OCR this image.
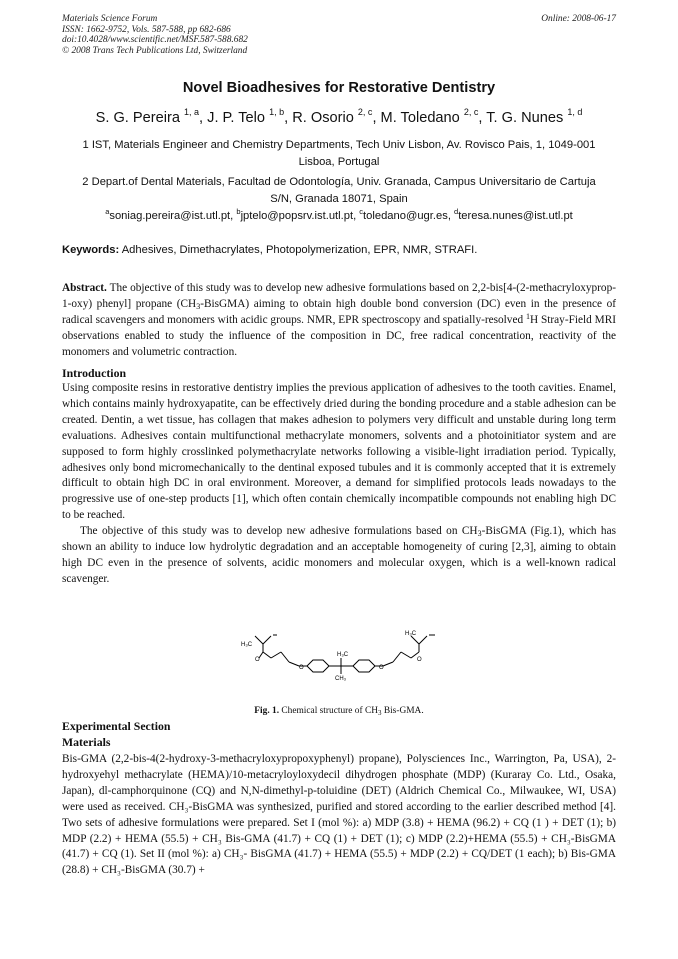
Materials Science Forum
ISSN: 1662-9752, Vols. 587-588, pp 682-686
doi:10.4028/www.scientific.net/MSF.587-588.682
© 2008 Trans Tech Publications Ltd, Switzerland
Online: 2008-06-17
Novel Bioadhesives for Restorative Dentistry
S. G. Pereira $^{1, a}$, J. P. Telo $^{1, b}$, R. Osorio $^{2, c}$, M. Toledano $^{2, c}$, T. G. Nunes $^{1, d}$
1 IST, Materials Engineer and Chemistry Departments, Tech Univ Lisbon, Av. Rovisco Pais, 1, 1049-001 Lisboa, Portugal
2 Depart.of Dental Materials, Facultad de Odontología, Univ. Granada, Campus Universitario de Cartuja S/N, Granada 18071, Spain
$^a$soniag.pereira@ist.utl.pt, $^b$jptelo@popsrv.ist.utl.pt, $^c$toledano@ugr.es, $^d$teresa.nunes@ist.utl.pt
Keywords: Adhesives, Dimethacrylates, Photopolymerization, EPR, NMR, STRAFI.
Abstract. The objective of this study was to develop new adhesive formulations based on 2,2-bis[4-(2-methacryloxyprop-1-oxy) phenyl] propane $(CH_3-BisGMA)$ aiming to obtain high double bond conversion (DC) even in the presence of radical scavengers and monomers with acidic groups. NMR, EPR spectroscopy and spatially-resolved $^1$H Stray-Field MRI observations enabled to study the influence of the composition in DC, free radical concentration, reactivity of the monomers and volumetric contraction.
Introduction
Using composite resins in restorative dentistry implies the previous application of adhesives to the tooth cavities. Enamel, which contains mainly hydroxyapatite, can be effectively dried during the bonding procedure and a stable adhesion can be created. Dentin, a wet tissue, has collagen that makes adhesion to polymers very difficult and unstable during long term evaluations. Adhesives contain multifunctional methacrylate monomers, solvents and a photoinitiator system and are supposed to form highly crosslinked polymethacrylate networks following a visible-light irradiation period. Typically, adhesives only bond micromechanically to the dentinal exposed tubules and it is commonly accepted that it is extremely difficult to obtain high DC in oral environment. Moreover, a demand for simplified protocols leads nowadays to the progressive use of one-step products [1], which often contain chemically incompatible compounds not enabling high DC to be reached.
The objective of this study was to develop new adhesive formulations based on $CH_3$-BisGMA (Fig.1), which has shown an ability to induce low hydrolytic degradation and an acceptable homogeneity of curing [2,3], aiming to obtain high DC even in the presence of solvents, acidic monomers and molecular oxygen, which is a well-known radical scavenger.
H₃C
O
O
H₃C
CH₃
O
H₃C
O
Fig. 1. Chemical structure of $CH_3$ Bis-GMA.
Experimental Section
Materials
Bis-GMA (2,2-bis-4(2-hydroxy-3-methacryloxypropoxyphenyl) propane), Polysciences Inc., Warrington, Pa, USA), 2-hydroxyehyl methacrylate (HEMA)/10-metacryloyloxydecil dihydrogen phosphate (MDP) (Kuraray Co. Ltd., Osaka, Japan), dl-camphorquinone (CQ) and N,N-dimethyl-p-toluidine (DET) (Aldrich Chemical Co., Milwaukee, WI, USA) were used as received. CH₃-BisGMA was synthesized, purified and stored according to the earlier described method [4]. Two sets of adhesive formulations were prepared. Set I (mol %): a) MDP (3.8) + HEMA (96.2) + CQ (1 ) + DET (1); b) MDP (2.2) + HEMA (55.5) + CH₃ Bis-GMA (41.7) + CQ (1) + DET (1); c) MDP (2.2)+HEMA (55.5) + CH₃-BisGMA (41.7) + CQ (1). Set II (mol %): a) CH₃- BisGMA (41.7) + HEMA (55.5) + MDP (2.2) + CQ/DET (1 each); b) Bis-GMA (28.8) + CH₃-BisGMA (30.7) +
